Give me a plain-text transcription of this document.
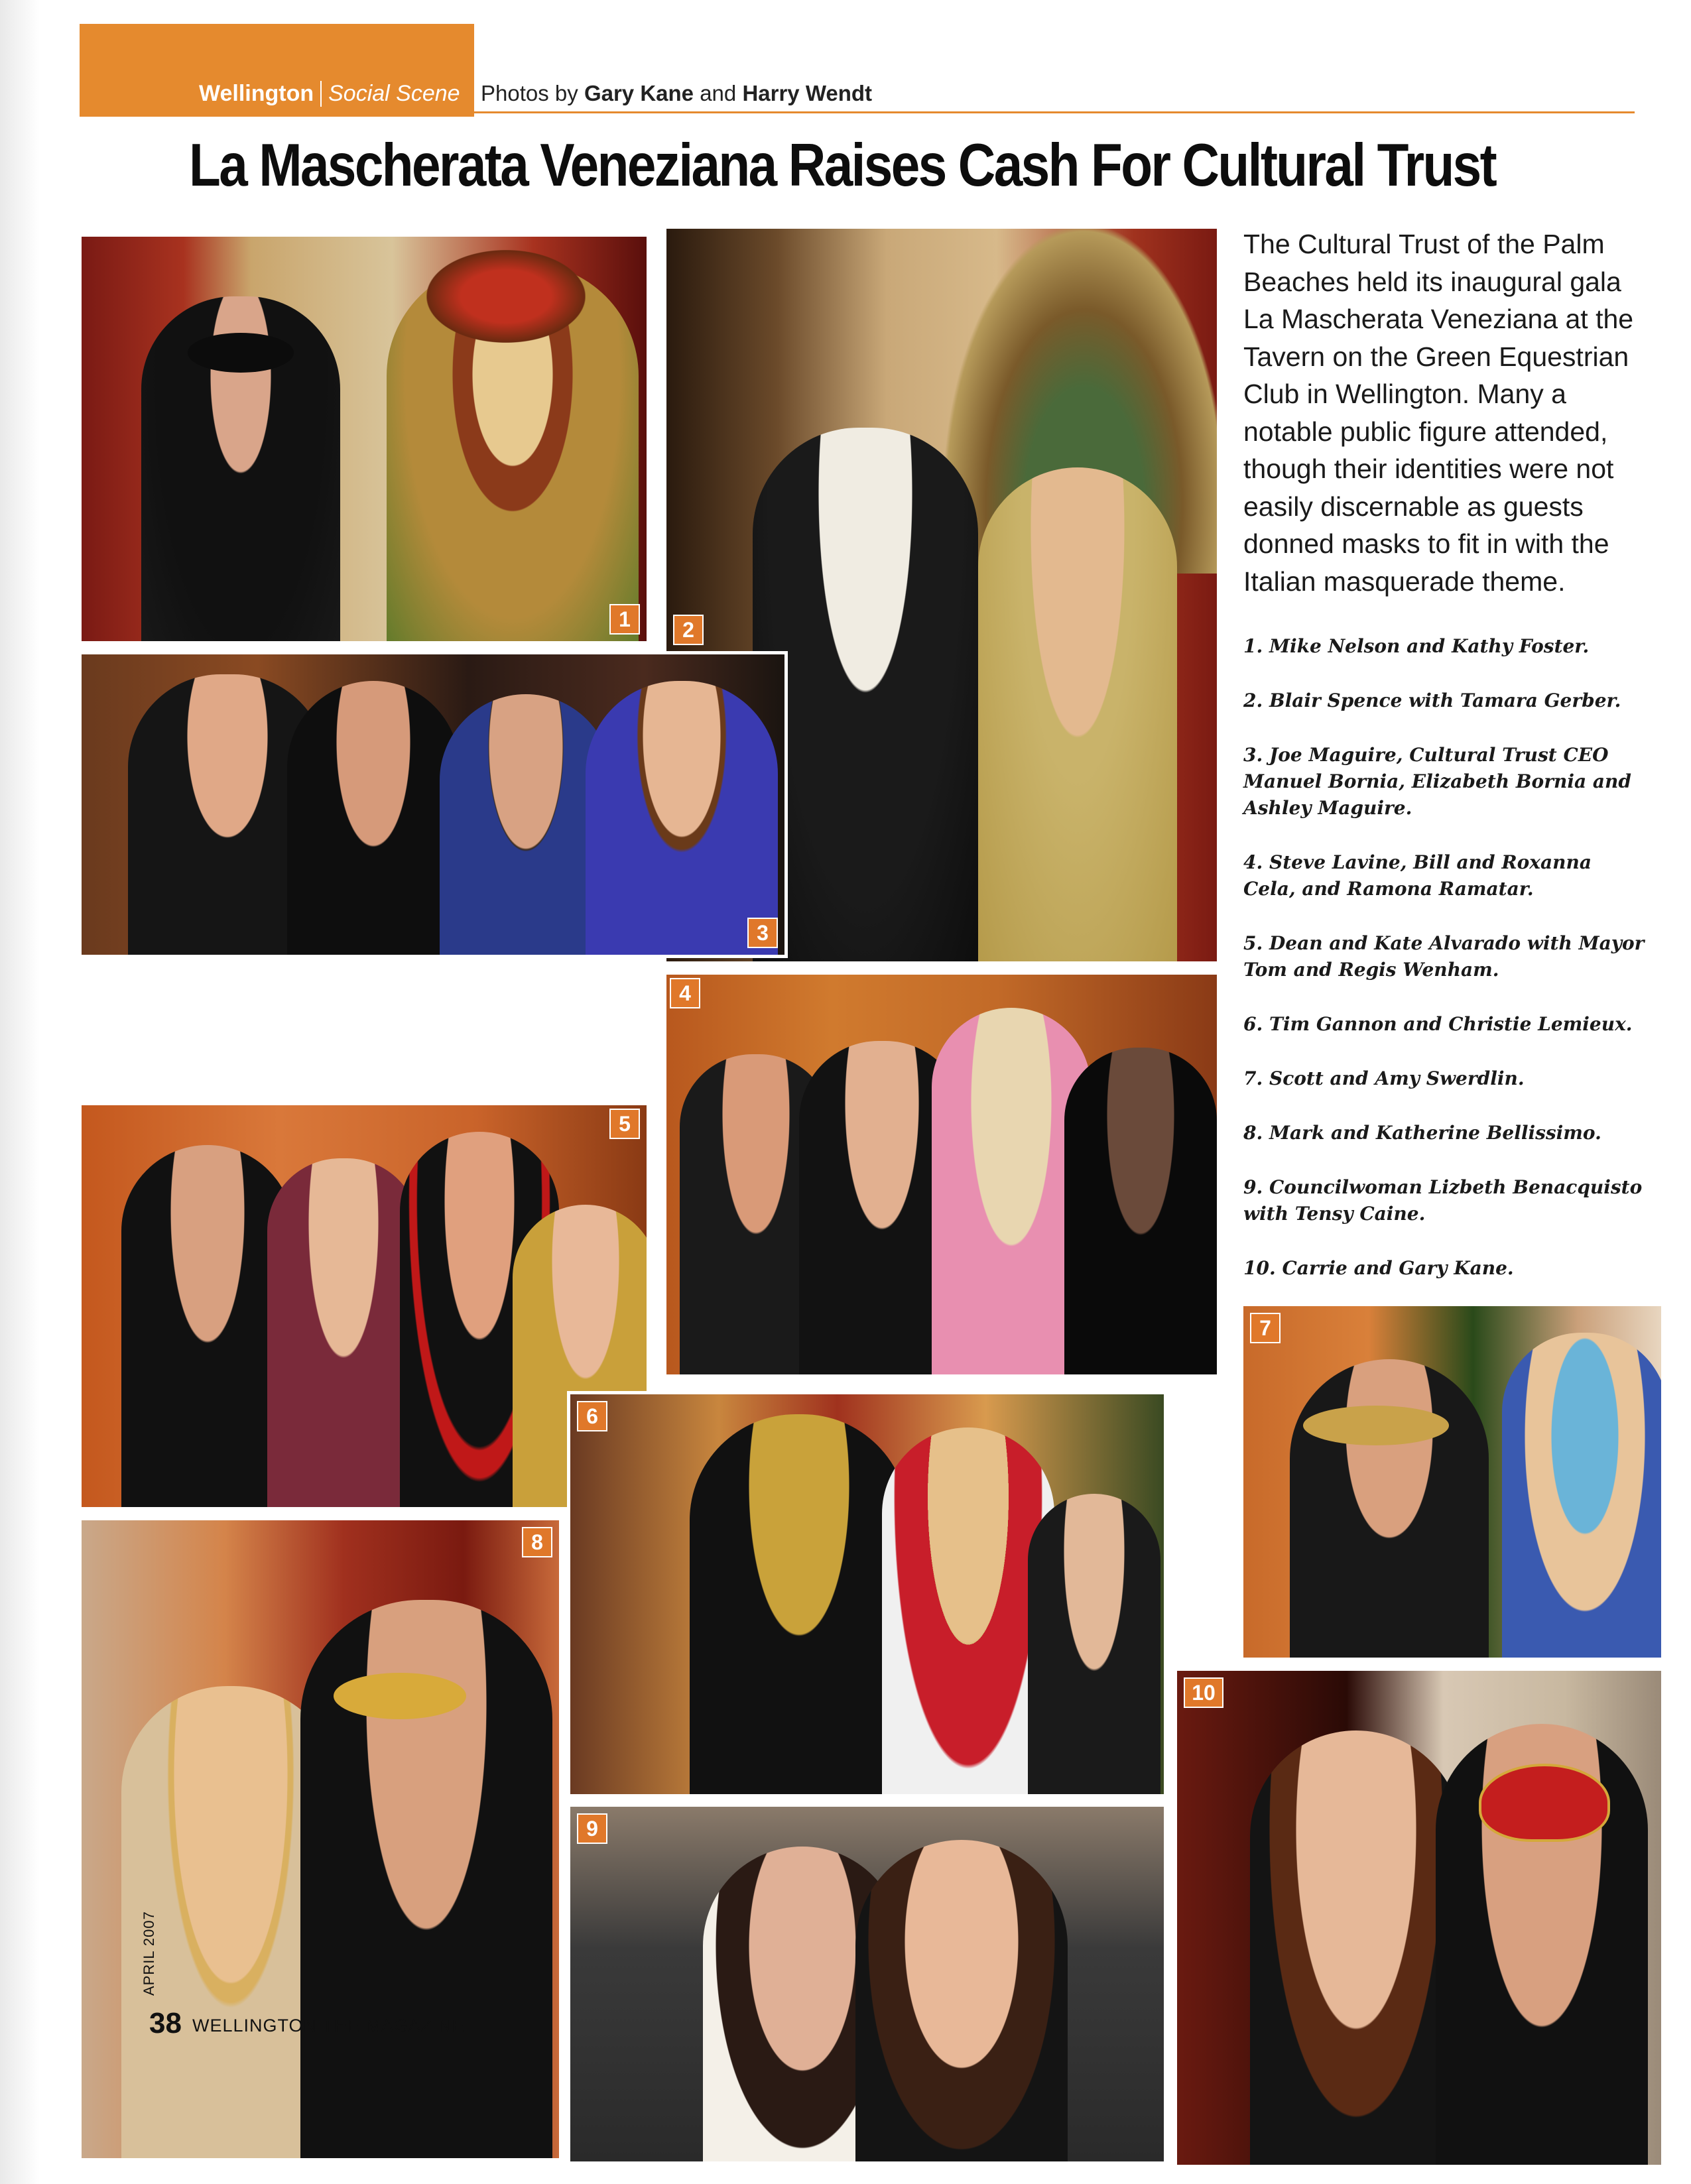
Wellington Social Scene Photos by Gary Kane and Harry Wendt
La Mascherata Veneziana Raises Cash For Cultural Trust
1	2
3
4
5
6
7
8
9
10
The Cultural Trust of the Palm Beaches held its inaugural gala La Mascherata Veneziana at the Tavern on the Green Equestrian Club in Wellington. Many a notable public figure attended, though their identities were not easily discernable as guests donned masks to fit in with the Italian masquerade theme.
1. Mike Nelson and Kathy Foster.
2. Blair Spence with Tamara Gerber.
3. Joe Maguire, Cultural Trust CEO Manuel Bornia, Elizabeth Bornia and Ashley Maguire.
4. Steve Lavine, Bill and Roxanna Cela, and Ramona Ramatar.
5. Dean and Kate Alvarado with Mayor Tom and Regis Wenham.
6. Tim Gannon and Christie Lemieux.
7. Scott and Amy Swerdlin.
8. Mark and Katherine Bellissimo.
9. Councilwoman Lizbeth Benacquisto with Tensy Caine.
10. Carrie and Gary Kane.
APRIL 2007
38 WELLINGTON THE MAGAZINE
